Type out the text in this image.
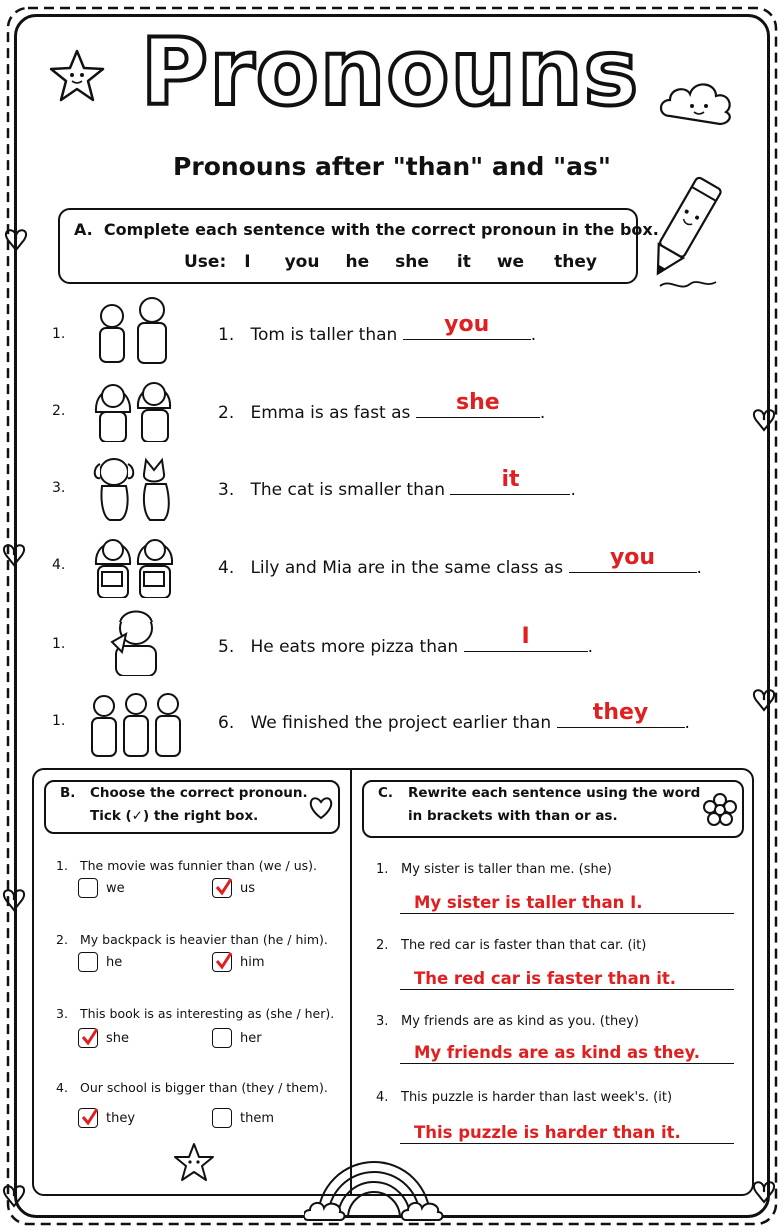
Pronouns
Pronouns after "than" and "as"
A. Complete each sentence with the correct pronoun in the box.
Use: I you he she it we they
1.	1. Tom is taller than	you	.
2.	2. Emma is as fast as	she	.
3.	3. The cat is smaller than	it	.
4.	4. Lily and Mia are in the same class as	you	.
1.	5. He eats more pizza than	I	.
1.	6. We finished the project earlier than	they	.
B. Choose the correct pronoun.
Tick (✓) the right box.
1. The movie was funnier than (we / us).
we	us
2. My backpack is heavier than (he / him).
he	him
3. This book is as interesting as (she / her).
she	her
4. Our school is bigger than (they / them).
they	them
C. Rewrite each sentence using the word
in brackets with than or as.
1. My sister is taller than me. (she)
My sister is taller than I.
2. The red car is faster than that car. (it)
The red car is faster than it.
3. My friends are as kind as you. (they)
My friends are as kind as they.
4. This puzzle is harder than last week's. (it)
This puzzle is harder than it.
